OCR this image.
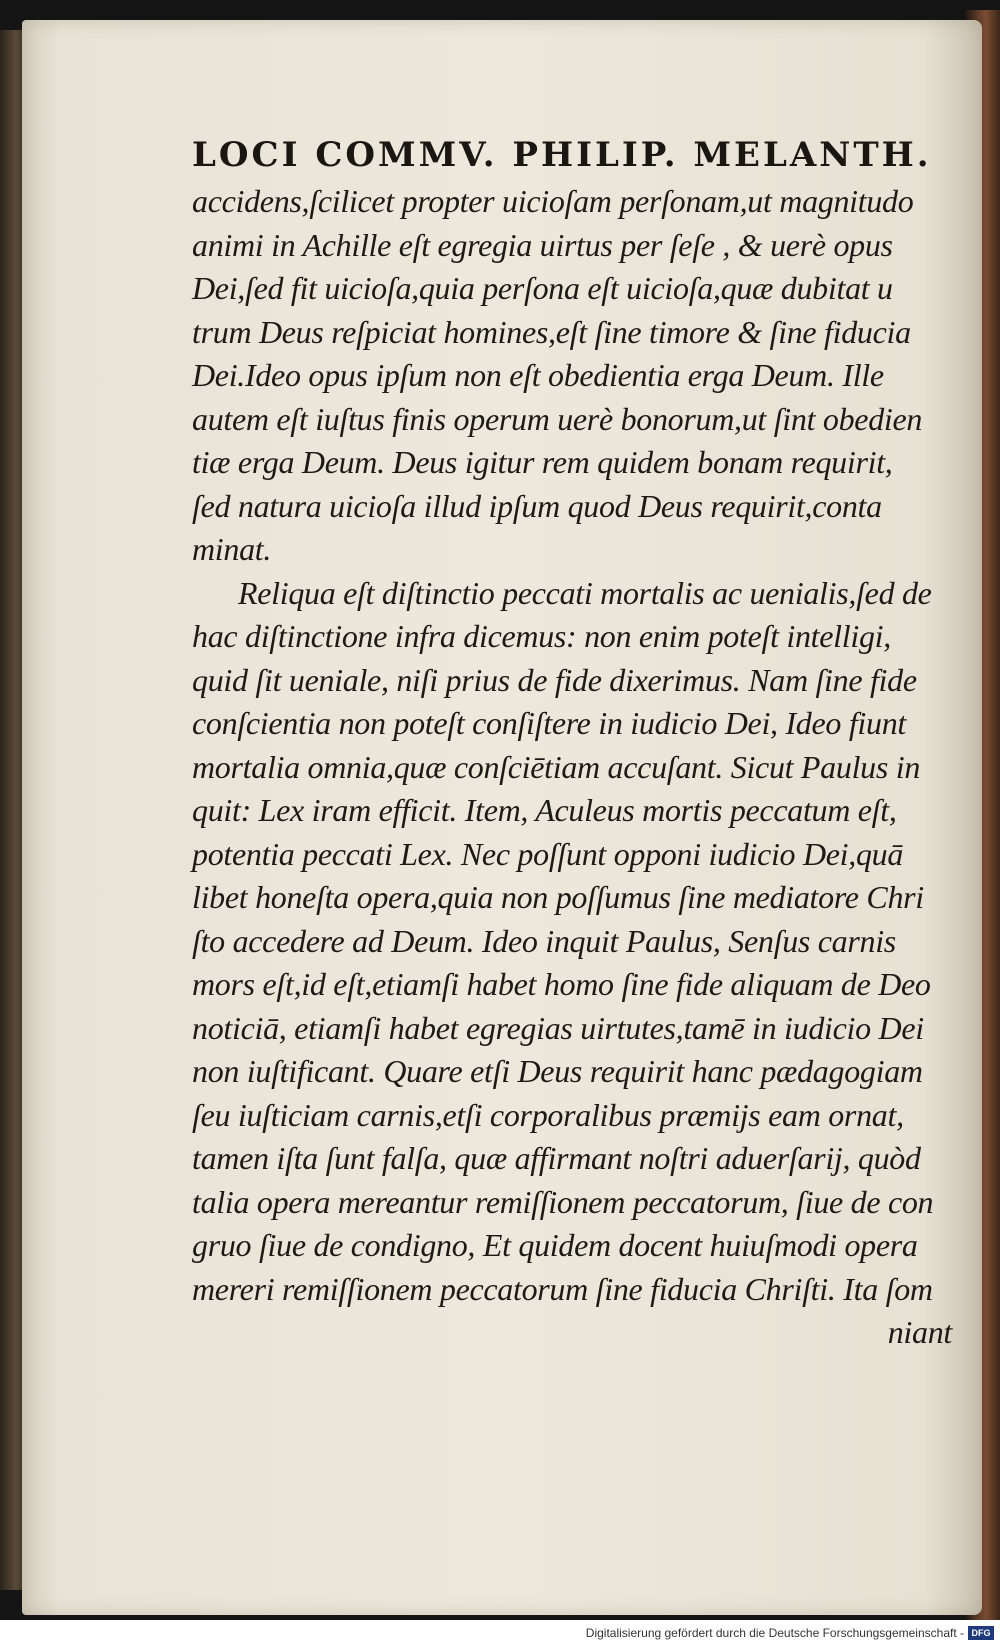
LOCI COMMV. PHILIP. MELANTH.
accidens,ſcilicet propter uicioſam perſonam,ut magnitudo
animi in Achille eſt egregia uirtus per ſeſe , & uerè opus
Dei,ſed fit uicioſa,quia perſona eſt uicioſa,quæ dubitat u
trum Deus reſpiciat homines,eſt ſine timore & ſine fiducia
Dei.Ideo opus ipſum non eſt obedientia erga Deum. Ille
autem eſt iuſtus finis operum uerè bonorum,ut ſint obedien
tiæ erga Deum. Deus igitur rem quidem bonam requirit,
ſed natura uicioſa illud ipſum quod Deus requirit,conta
minat.
Reliqua eſt diſtinctio peccati mortalis ac uenialis,ſed de
hac diſtinctione infra dicemus: non enim poteſt intelligi,
quid ſit ueniale, niſi prius de fide dixerimus. Nam ſine fide
conſcientia non poteſt conſiſtere in iudicio Dei, Ideo fiunt
mortalia omnia,quæ conſciētiam accuſant. Sicut Paulus in
quit: Lex iram efficit. Item, Aculeus mortis peccatum eſt,
potentia peccati Lex. Nec poſſunt opponi iudicio Dei,quā
libet honeſta opera,quia non poſſumus ſine mediatore Chri
ſto accedere ad Deum. Ideo inquit Paulus, Senſus carnis
mors eſt,id eſt,etiamſi habet homo ſine fide aliquam de Deo
noticiā, etiamſi habet egregias uirtutes,tamē in iudicio Dei
non iuſtificant. Quare etſi Deus requirit hanc pædagogiam
ſeu iuſticiam carnis,etſi corporalibus præmijs eam ornat,
tamen iſta ſunt falſa, quæ affirmant noſtri aduerſarij, quòd
talia opera mereantur remiſſionem peccatorum, ſiue de con
gruo ſiue de condigno, Et quidem docent huiuſmodi opera
mereri remiſſionem peccatorum ſine fiducia Chriſti. Ita ſom
niant
Digitalisierung gefördert durch die Deutsche Forschungsgemeinschaft - DFG
